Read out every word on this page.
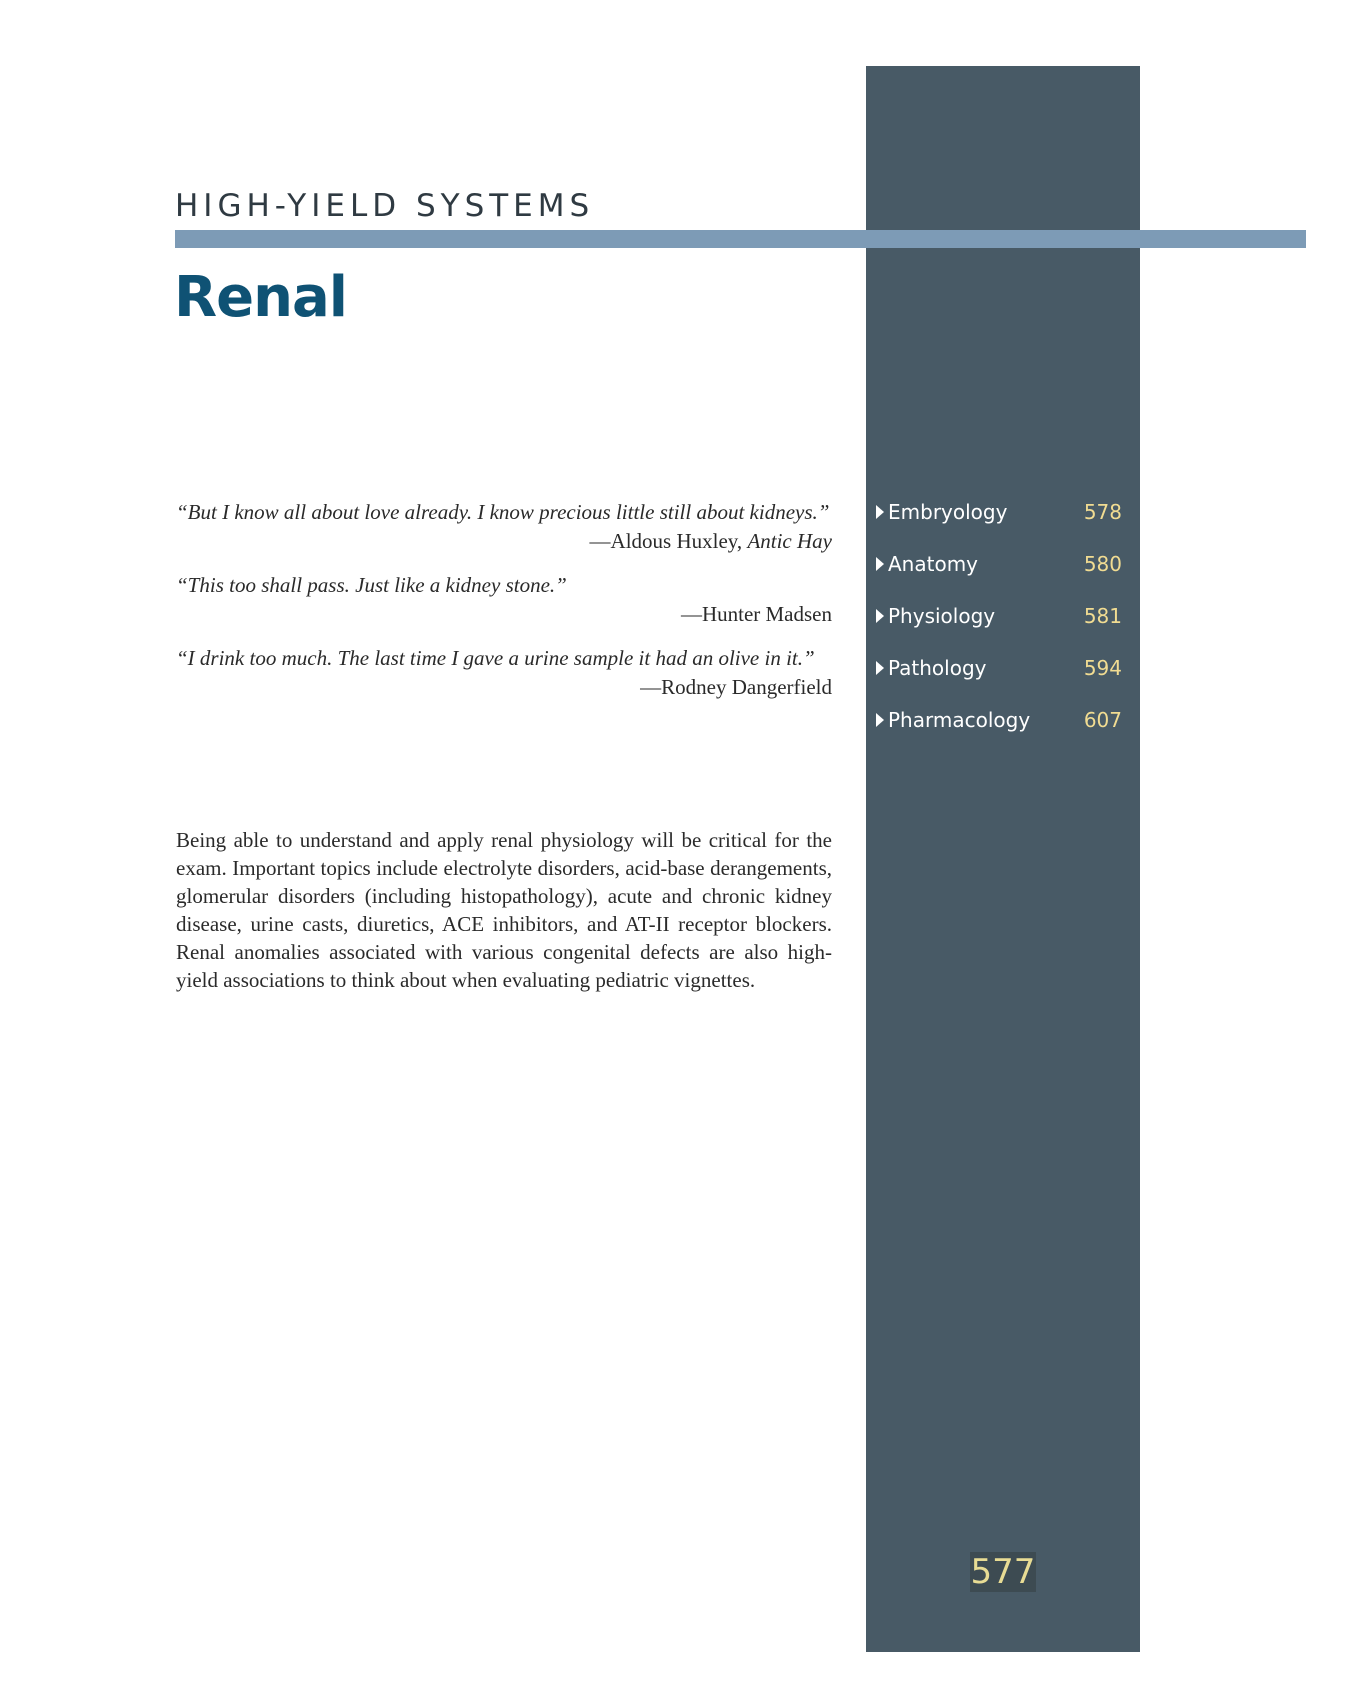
HIGH-YIELD SYSTEMS
Renal
“But I know all about love already. I know precious little still about kidneys.”
—Aldous Huxley, Antic Hay
“This too shall pass. Just like a kidney stone.”
—Hunter Madsen
“I drink too much. The last time I gave a urine sample it had an olive in it.”
—Rodney Dangerfield

Being able to understand and apply renal physiology will be critical for the exam. Important topics include electrolyte disorders, acid-base derangements, glomerular disorders (including histopathology), acute and chronic kidney disease, urine casts, diuretics, ACE inhibitors, and AT-II receptor blockers. Renal anomalies associated with various congenital defects are also high-yield associations to think about when evaluating pediatric vignettes.

Embryology	578
Anatomy	580
Physiology	581
Pathology	594
Pharmacology	607
577
